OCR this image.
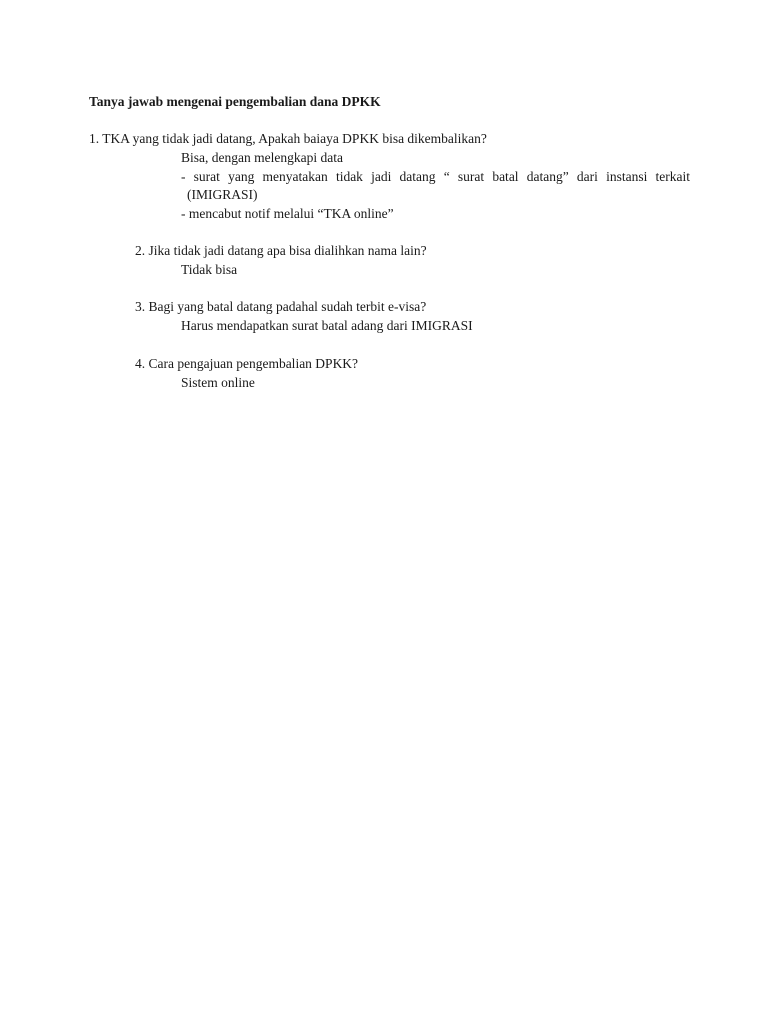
Tanya jawab mengenai pengembalian dana DPKK
1. TKA yang tidak jadi datang, Apakah baiaya DPKK bisa dikembalikan?
Bisa, dengan melengkapi data
- surat yang menyatakan tidak jadi datang “ surat batal datang” dari instansi terkait
(IMIGRASI)
- mencabut notif melalui “TKA online”
2. Jika tidak jadi datang apa bisa dialihkan nama lain?
Tidak bisa
3. Bagi yang batal datang padahal sudah terbit e-visa?
Harus mendapatkan surat batal adang dari IMIGRASI
4. Cara pengajuan pengembalian DPKK?
Sistem online
